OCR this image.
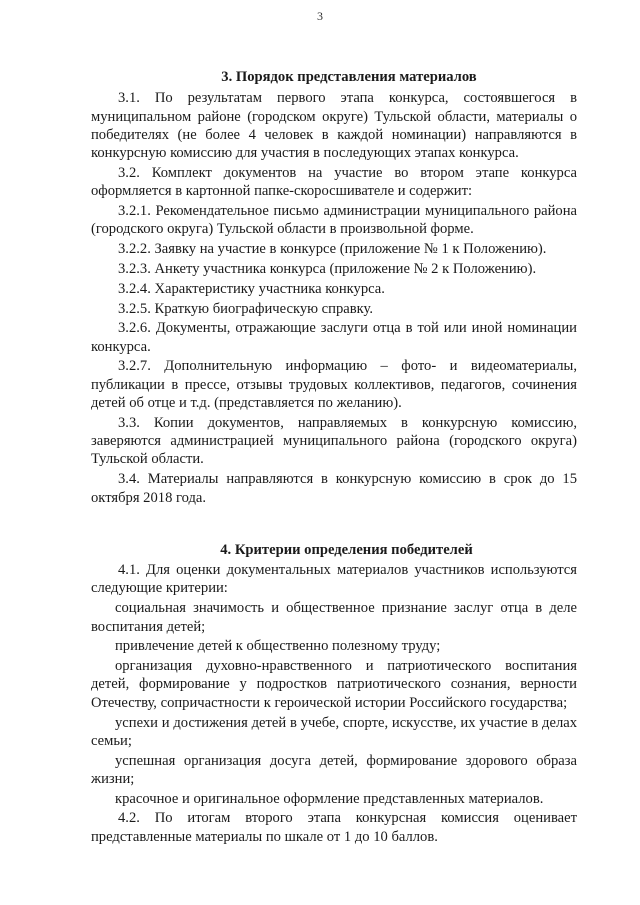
3
3. Порядок представления материалов

3.1. По результатам первого этапа конкурса, состоявшегося в муниципальном районе (городском округе) Тульской области, материалы о победителях (не более 4 человек в каждой номинации) направляются в конкурсную комиссию для участия в последующих этапах конкурса.

3.2. Комплект документов на участие во втором этапе конкурса оформляется в картонной папке-скоросшивателе и содержит:

3.2.1. Рекомендательное письмо администрации муниципального района (городского округа) Тульской области в произвольной форме.

3.2.2. Заявку на участие в конкурсе (приложение № 1 к Положению).

3.2.3. Анкету участника конкурса (приложение № 2 к Положению).

3.2.4. Характеристику участника конкурса.

3.2.5. Краткую биографическую справку.

3.2.6. Документы, отражающие заслуги отца в той или иной номинации конкурса.

3.2.7. Дополнительную информацию – фото- и видеоматериалы, публикации в прессе, отзывы трудовых коллективов, педагогов, сочинения детей об отце и т.д. (представляется по желанию).

3.3. Копии документов, направляемых в конкурсную комиссию, заверяются администрацией муниципального района (городского округа) Тульской области.

3.4. Материалы направляются в конкурсную комиссию в срок до 15 октября 2018 года.

4. Критерии определения победителей

4.1. Для оценки документальных материалов участников используются следующие критерии:

социальная значимость и общественное признание заслуг отца в деле воспитания детей;

привлечение детей к общественно полезному труду;

организация духовно-нравственного и патриотического воспитания детей, формирование у подростков патриотического сознания, верности Отечеству, сопричастности к героической истории Российского государства;

успехи и достижения детей в учебе, спорте, искусстве, их участие в делах семьи;

успешная организация досуга детей, формирование здорового образа жизни;

красочное и оригинальное оформление представленных материалов.

4.2. По итогам второго этапа конкурсная комиссия оценивает представленные материалы по шкале от 1 до 10 баллов.
